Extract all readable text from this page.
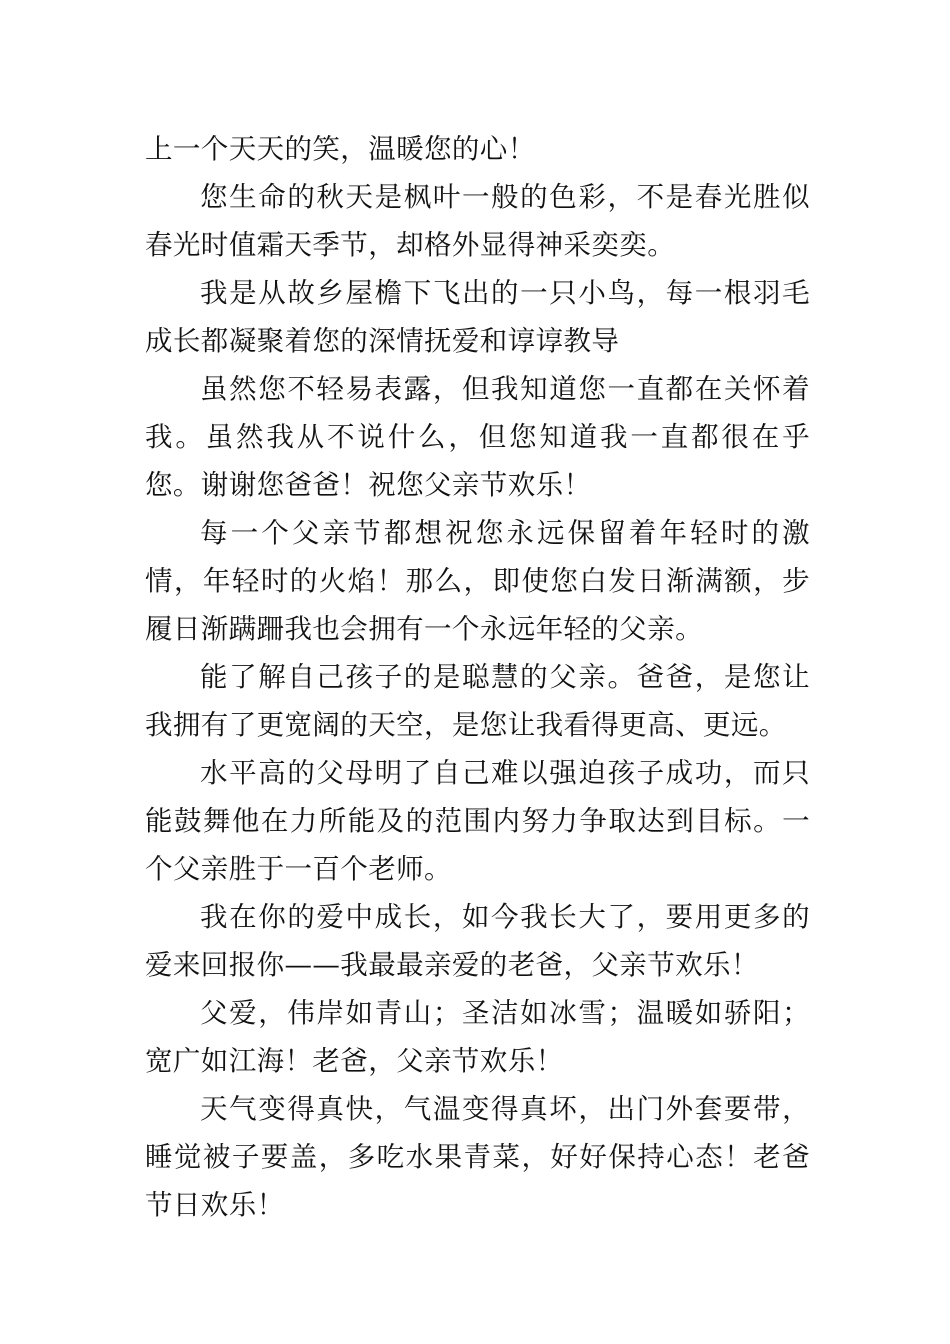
上一个天天的笑，温暖您的心！

您生命的秋天是枫叶一般的色彩，不是春光胜似春光时值霜天季节，却格外显得神采奕奕。

我是从故乡屋檐下飞出的一只小鸟，每一根羽毛成长都凝聚着您的深情抚爱和谆谆教导

虽然您不轻易表露，但我知道您一直都在关怀着我。虽然我从不说什么，但您知道我一直都很在乎您。谢谢您爸爸！祝您父亲节欢乐！

每一个父亲节都想祝您永远保留着年轻时的激情，年轻时的火焰！那么，即使您白发日渐满额，步履日渐蹒跚我也会拥有一个永远年轻的父亲。

能了解自己孩子的是聪慧的父亲。爸爸，是您让我拥有了更宽阔的天空，是您让我看得更高、更远。

水平高的父母明了自己难以强迫孩子成功，而只能鼓舞他在力所能及的范围内努力争取达到目标。一个父亲胜于一百个老师。

我在你的爱中成长，如今我长大了，要用更多的爱来回报你——我最最亲爱的老爸，父亲节欢乐！

父爱，伟岸如青山；圣洁如冰雪；温暖如骄阳；宽广如江海！老爸，父亲节欢乐！

天气变得真快，气温变得真坏，出门外套要带，睡觉被子要盖，多吃水果青菜，好好保持心态！老爸节日欢乐！
